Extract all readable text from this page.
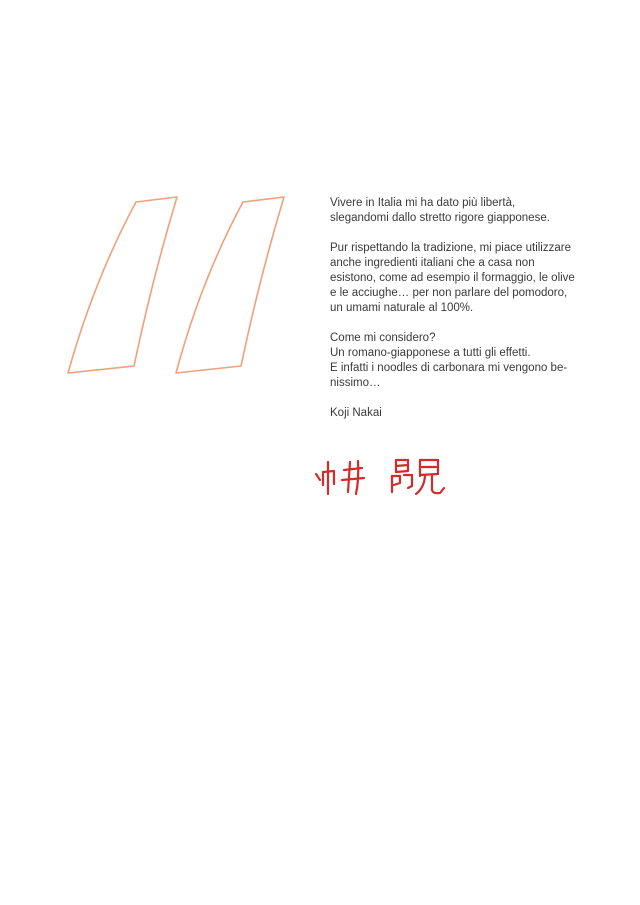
Vivere in Italia mi ha dato più libertà,
slegandomi dallo stretto rigore giapponese.

Pur rispettando la tradizione, mi piace utilizzare
anche ingredienti italiani che a casa non
esistono, come ad esempio il formaggio, le olive
e le acciughe… per non parlare del pomodoro,
un umami naturale al 100%.

Come mi considero?
Un romano-giapponese a tutti gli effetti.
E infatti i noodles di carbonara mi vengono be-
nissimo…

Koji Nakai
